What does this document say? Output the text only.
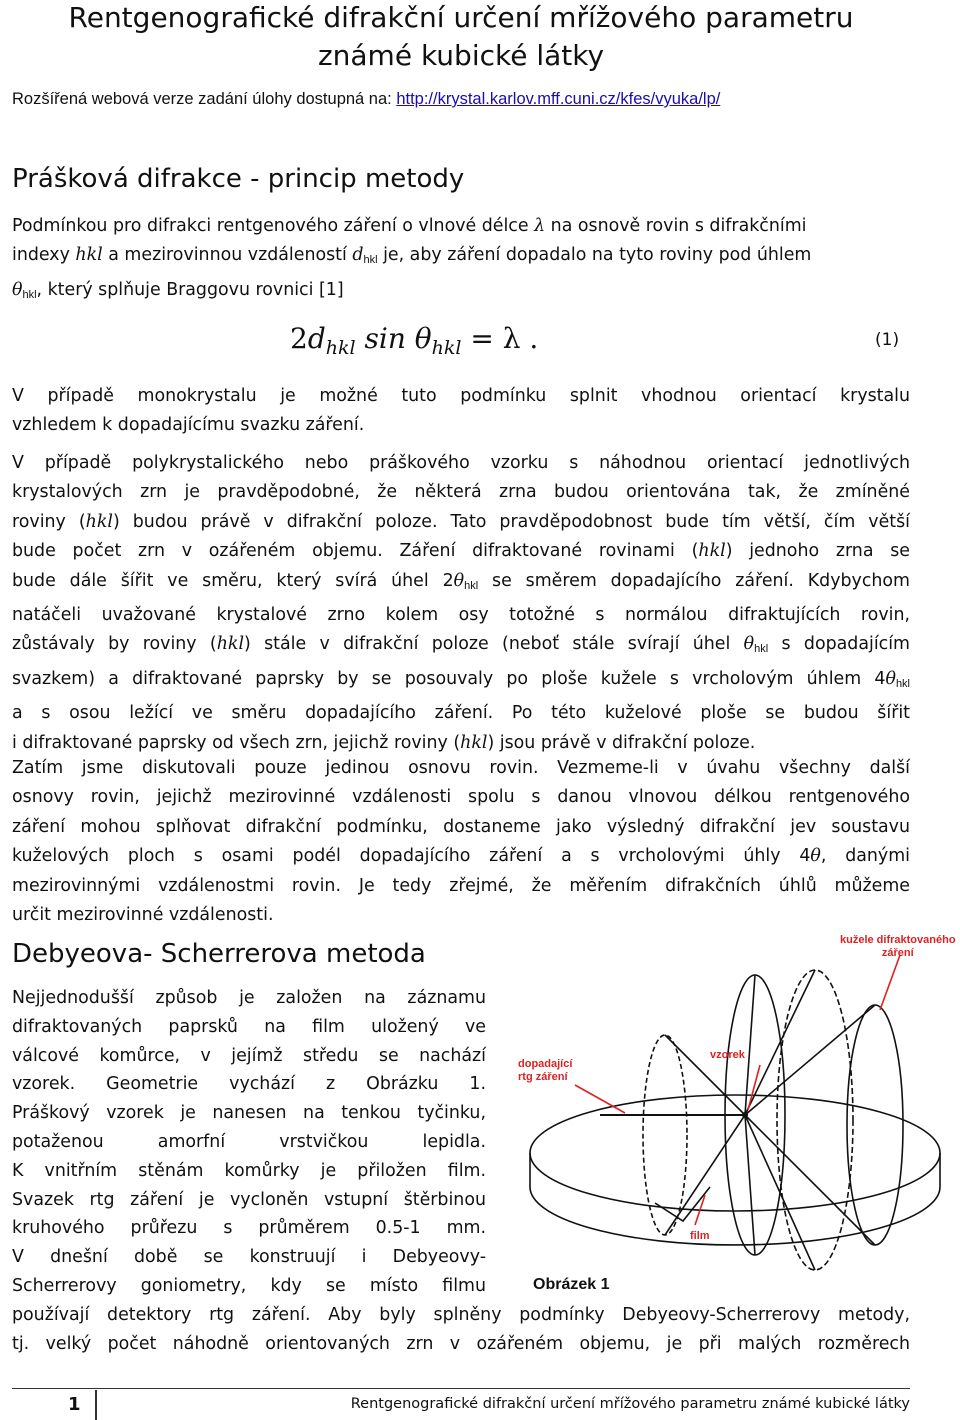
Rentgenografické difrakční určení mřížového parametru
známé kubické látky
Rozšířená webová verze zadání úlohy dostupná na: http://krystal.karlov.mff.cuni.cz/kfes/vyuka/lp/
Prášková difrakce - princip metody
Podmínkou pro difrakci rentgenového záření o vlnové délce λ na osnově rovin s difrakčními
indexy hkl a mezirovinnou vzdáleností $d_{hkl}$ je, aby záření dopadalo na tyto roviny pod úhlem
$\theta_{hkl}$, který splňuje Braggovu rovnici [1]
$2d_{hkl}$ $\sin \theta_{hkl} = \lambda$ .	(1)
V případě monokrystalu je možné tuto podmínku splnit vhodnou orientací krystalu
vzhledem k dopadajícímu svazku záření.
V případě polykrystalického nebo práškového vzorku s náhodnou orientací jednotlivých
krystalových zrn je pravděpodobné, že některá zrna budou orientována tak, že zmíněné
roviny (hkl) budou právě v difrakční poloze. Tato pravděpodobnost bude tím větší, čím větší
bude počet zrn v ozářeném objemu. Záření difraktované rovinami (hkl) jednoho zrna se
bude dále šířit ve směru, který svírá úhel $2\theta_{hkl}$ se směrem dopadajícího záření. Kdybychom
natáčeli uvažované krystalové zrno kolem osy totožné s normálou difraktujících rovin,
zůstávaly by roviny (hkl) stále v difrakční poloze (neboť stále svírají úhel $\theta_{hkl}$ s dopadajícím
svazkem) a difraktované paprsky by se posouvaly po ploše kužele s vrcholovým úhlem $4\theta_{hkl}$
a s osou ležící ve směru dopadajícího záření. Po této kuželové ploše se budou šířit
i difraktované paprsky od všech zrn, jejichž roviny (hkl) jsou právě v difrakční poloze.
Zatím jsme diskutovali pouze jedinou osnovu rovin. Vezmeme-li v úvahu všechny další
osnovy rovin, jejichž mezirovinné vzdálenosti spolu s danou vlnovou délkou rentgenového
záření mohou splňovat difrakční podmínku, dostaneme jako výsledný difrakční jev soustavu
kuželových ploch s osami podél dopadajícího záření a s vrcholovými úhly 4θ, danými
mezirovinnými vzdálenostmi rovin. Je tedy zřejmé, že měřením difrakčních úhlů můžeme
určit mezirovinné vzdálenosti.
Debyeova- Scherrerova metoda
Nejjednodušší způsob je založen na záznamu
difraktovaných paprsků na film uložený ve
válcové komůrce, v jejímž středu se nachází
vzorek. Geometrie vychází z Obrázku 1.
Práškový vzorek je nanesen na tenkou tyčinku,
potaženou amorfní vrstvičkou lepidla.
K vnitřním stěnám komůrky je přiložen film.
Svazek rtg záření je vycloněn vstupní štěrbinou
kruhového průřezu s průměrem 0.5-1 mm.
V dnešní době se konstruují i Debyeovy-
Scherrerovy goniometry, kdy se místo filmu
používají detektory rtg záření. Aby byly splněny podmínky Debyeovy-Scherrerovy metody,
tj. velký počet náhodně orientovaných zrn v ozářeném objemu, je při malých rozměrech
kužele difraktovaného
záření
dopadající
rtg záření
vzorek
film
Obrázek 1
1	Rentgenografické difrakční určení mřížového parametru známé kubické látky
